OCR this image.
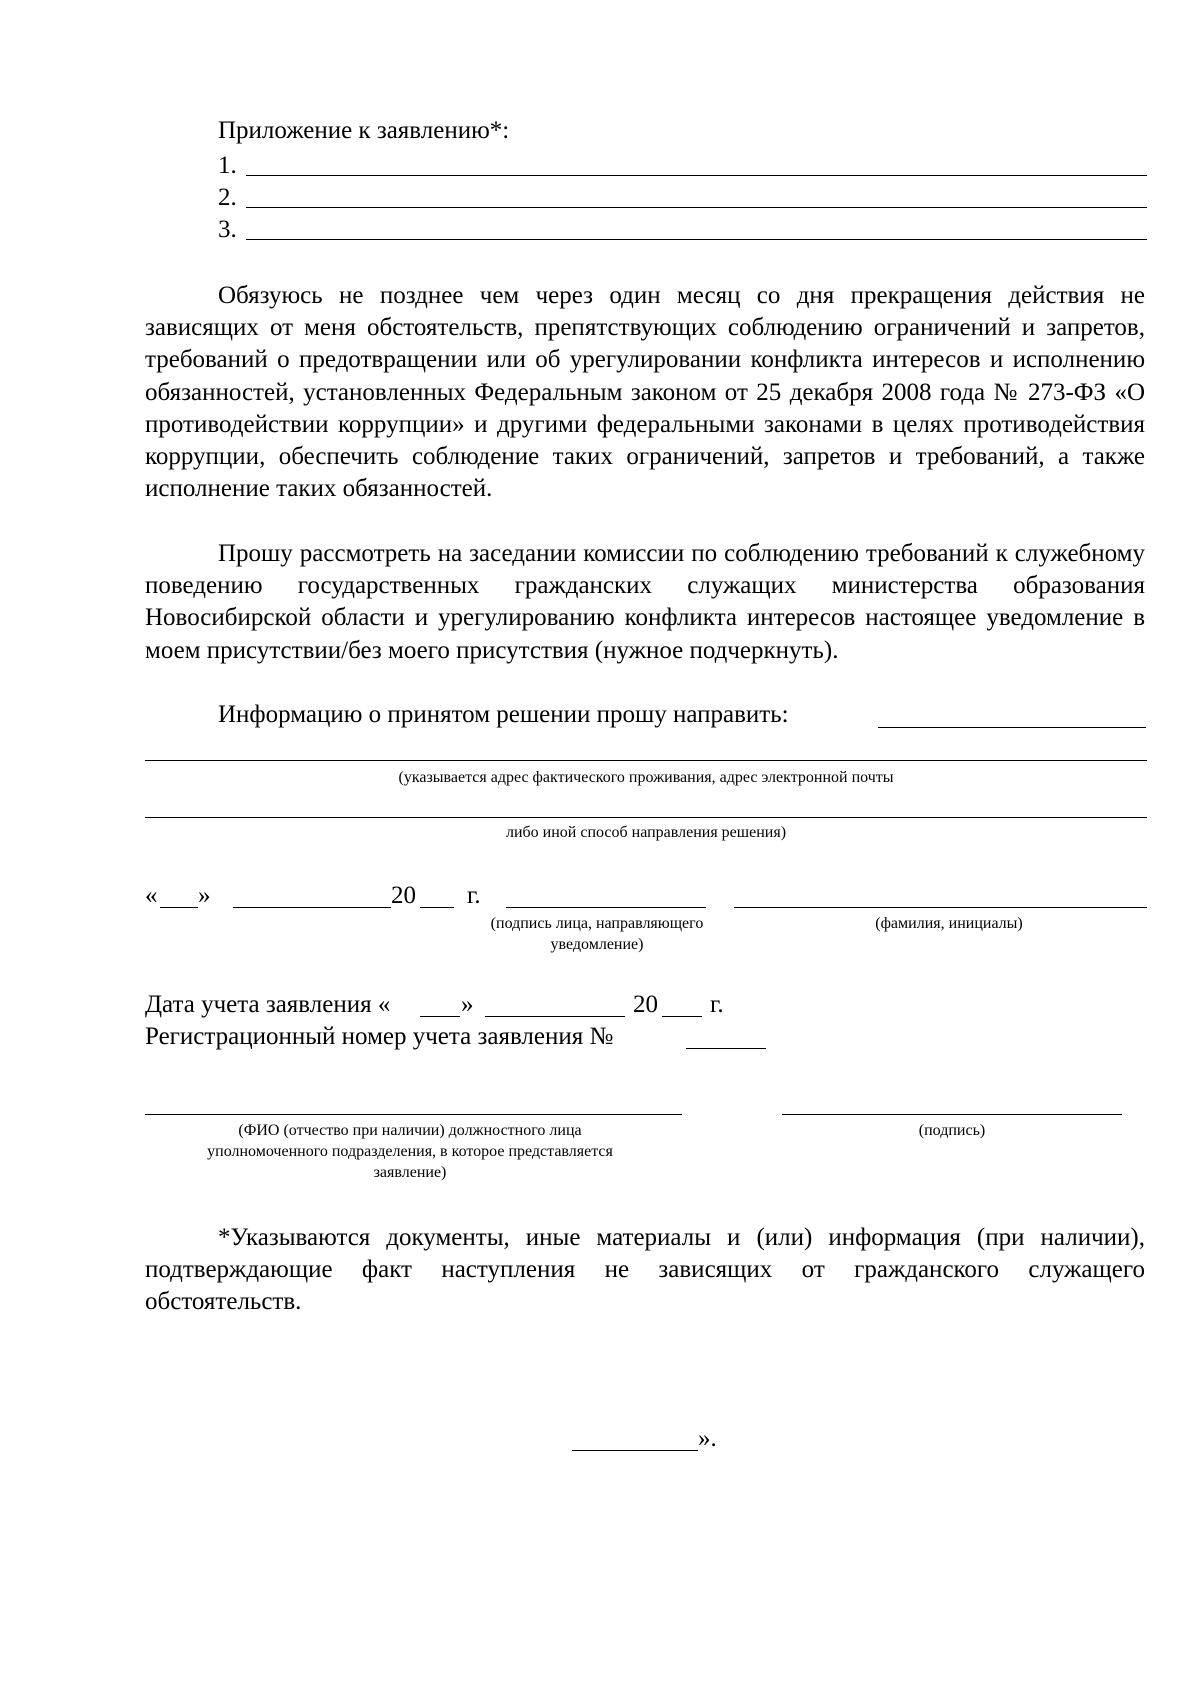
Приложение к заявлению*:
1.
2.
3.
Обязуюсь не позднее чем через один месяц со дня прекращения действия не зависящих от меня обстоятельств, препятствующих соблюдению ограничений и запретов, требований о предотвращении или об урегулировании конфликта интересов и исполнению обязанностей, установленных Федеральным законом от 25 декабря 2008 года № 273-ФЗ «О противодействии коррупции» и другими федеральными законами в целях противодействия коррупции, обеспечить соблюдение таких ограничений, запретов и требований, а также исполнение таких обязанностей.
Прошу рассмотреть на заседании комиссии по соблюдению требований к служебному поведению государственных гражданских служащих министерства образования Новосибирской области и урегулированию конфликта интересов настоящее уведомление в моем присутствии/без моего присутствия (нужное подчеркнуть).
Информацию о принятом решении прошу направить:
(указывается адрес фактического проживания, адрес электронной почты
либо иной способ направления решения)
« »	20 г.
(подпись лица, направляющего уведомление)
(фамилия, инициалы)
Дата учета заявления «	»	20 г.
Регистрационный номер учета заявления №
(ФИО (отчество при наличии) должностного лица уполномоченного подразделения, в которое представляется заявление)
(подпись)
*Указываются документы, иные материалы и (или) информация (при наличии), подтверждающие факт наступления не зависящих от гражданского служащего обстоятельств.
».
